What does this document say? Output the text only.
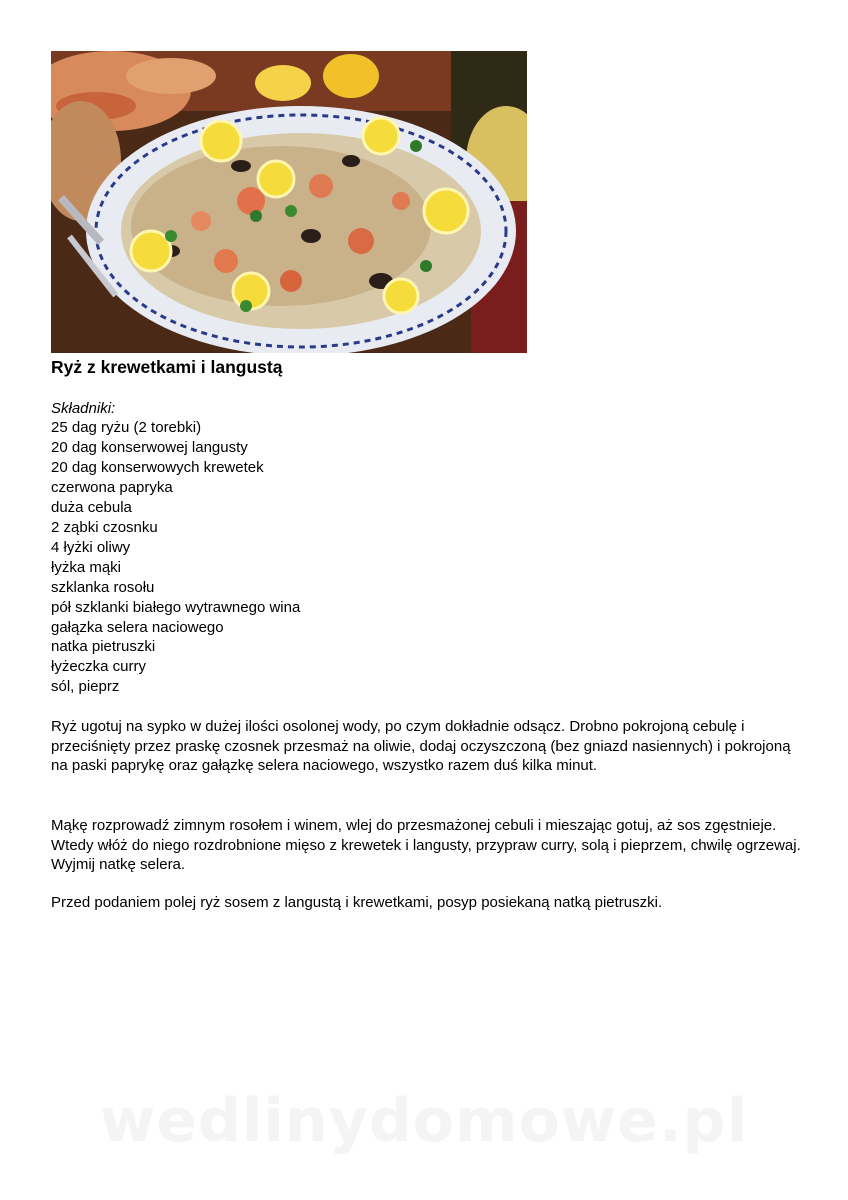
Ryż z krewetkami i langustą

Składniki:

25 dag ryżu (2 torebki)
20 dag konserwowej langusty
20 dag konserwowych krewetek
czerwona papryka
duża cebula
2 ząbki czosnku
4 łyżki oliwy
łyżka mąki
szklanka rosołu
pół szklanki białego wytrawnego wina
gałązka selera naciowego
natka pietruszki
łyżeczka curry
sól, pieprz

Ryż ugotuj na sypko w dużej ilości osolonej wody, po czym dokładnie odsącz. Drobno pokrojoną cebulę i przeciśnięty przez praskę czosnek przesmaż na oliwie, dodaj oczyszczoną (bez gniazd nasiennych) i pokrojoną na paski paprykę oraz gałązkę selera naciowego, wszystko razem duś kilka minut.

Mąkę rozprowadź zimnym rosołem i winem, wlej do przesmażonej cebuli i mieszając gotuj, aż sos zgęstnieje. Wtedy włóż do niego rozdrobnione mięso z krewetek i langusty, przypraw curry, solą i pieprzem, chwilę ogrzewaj. Wyjmij natkę selera.

Przed podaniem polej ryż sosem z langustą i krewetkami, posyp posiekaną natką pietruszki.

wedlinydomowe.pl
